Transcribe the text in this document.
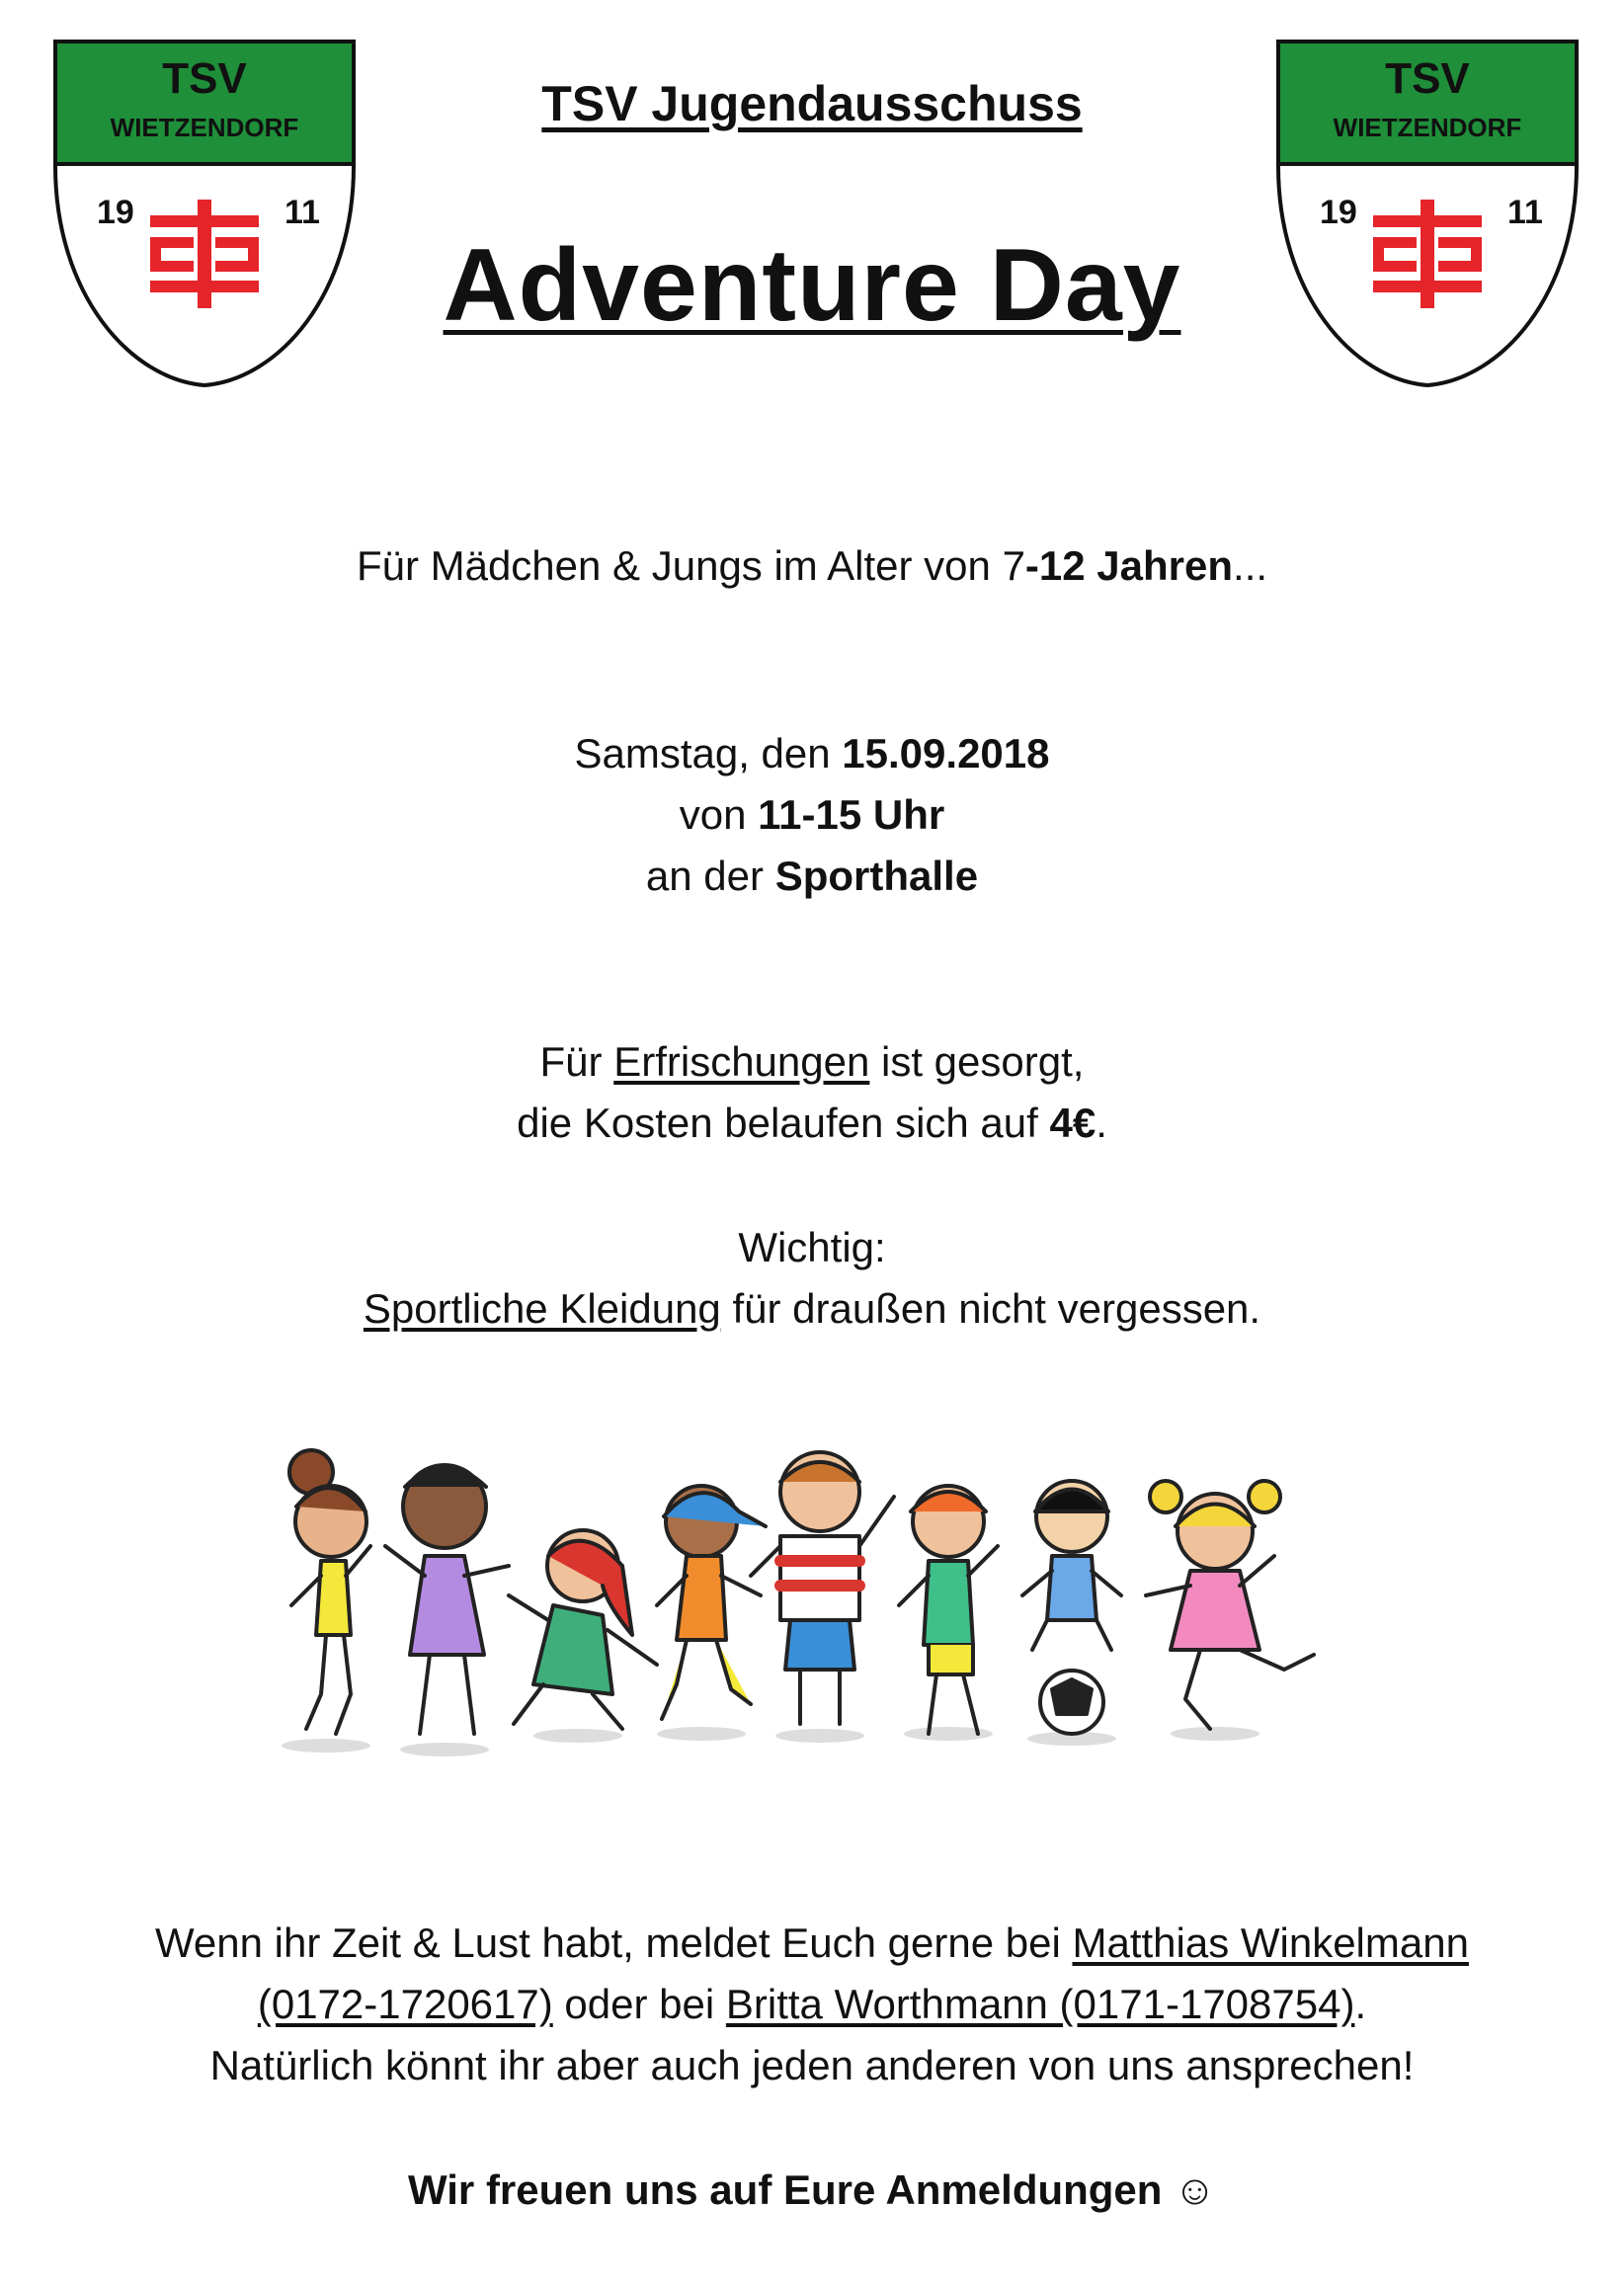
TSV
WIETZENDORF
19	11
TSV
WIETZENDORF
19	11
TSV Jugendausschuss
Adventure Day
Für Mädchen & Jungs im Alter von 7-12 Jahren...
Samstag, den 15.09.2018
von 11-15 Uhr
an der Sporthalle
Für Erfrischungen ist gesorgt,
die Kosten belaufen sich auf 4€.
Wichtig:
Sportliche Kleidung für draußen nicht vergessen.
Wenn ihr Zeit & Lust habt, meldet Euch gerne bei Matthias Winkelmann
(0172-1720617) oder bei Britta Worthmann (0171-1708754).
Natürlich könnt ihr aber auch jeden anderen von uns ansprechen!
Wir freuen uns auf Eure Anmeldungen ☺
